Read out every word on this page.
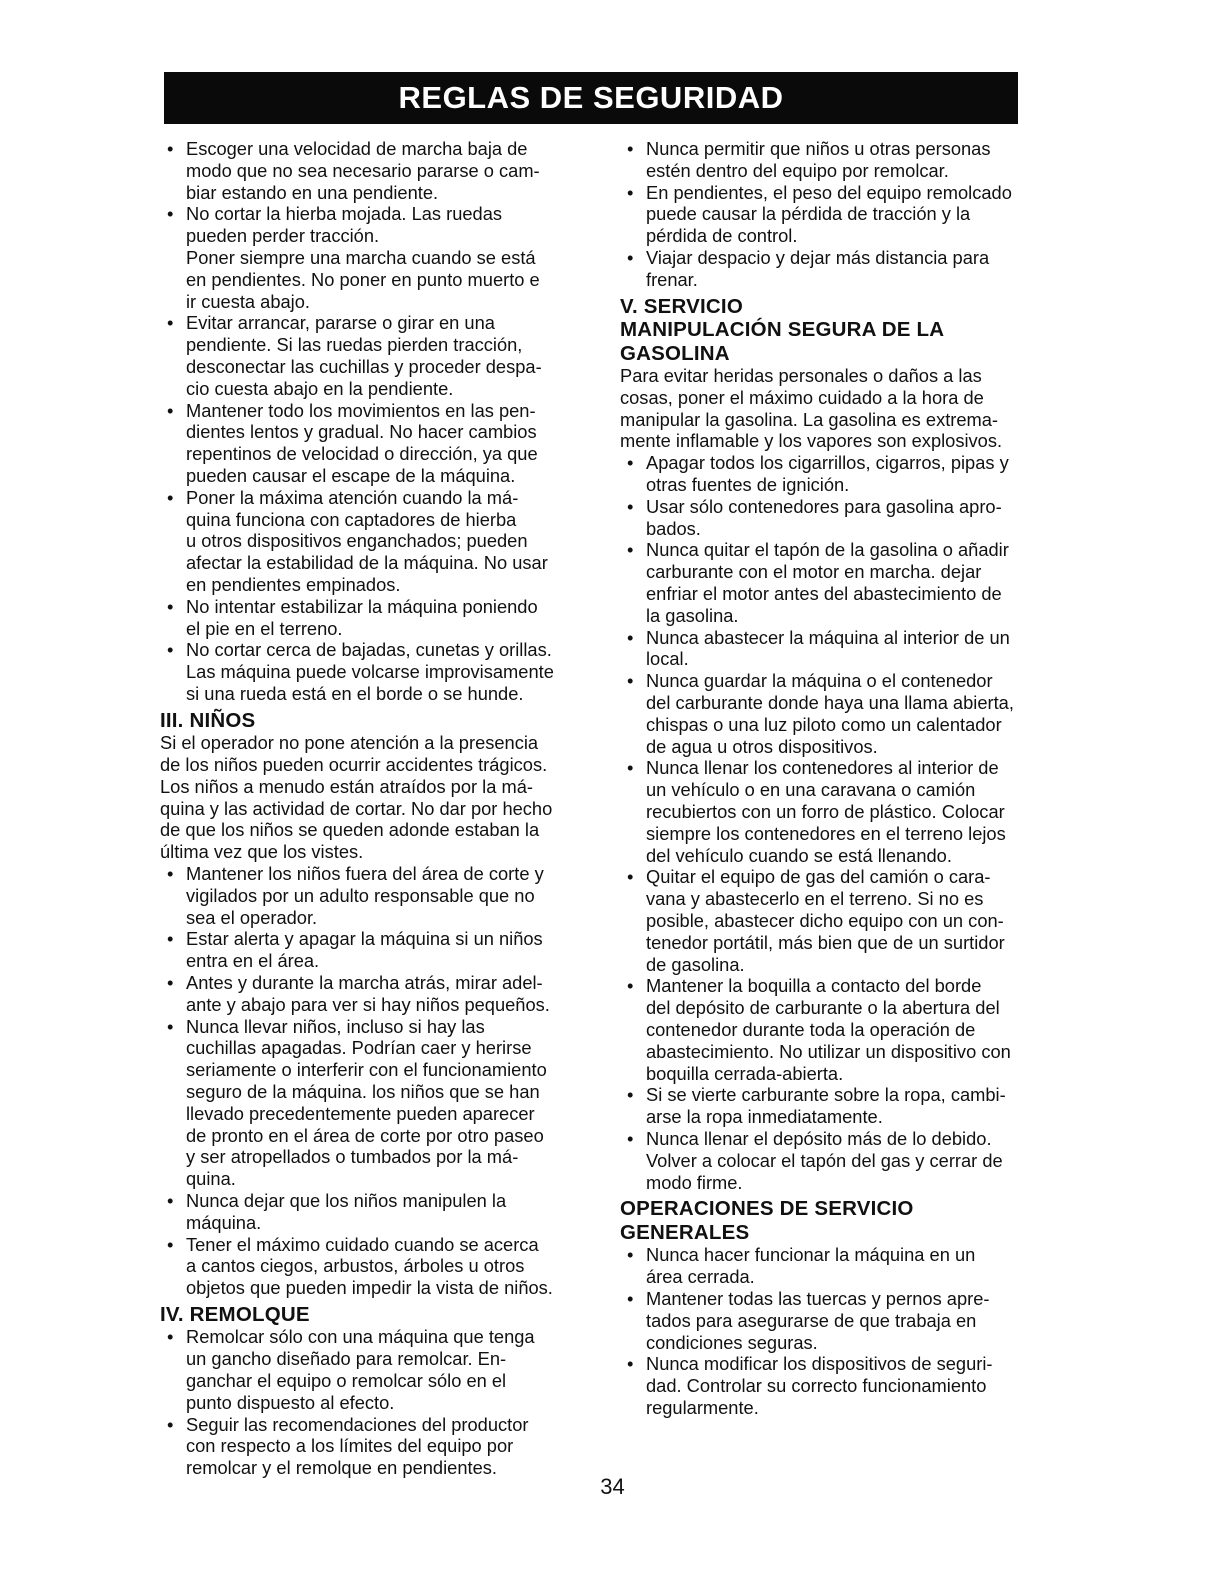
REGLAS DE SEGURIDAD
• Escoger una velocidad de marcha baja de
modo que no sea necesario pararse o cam-
biar estando en una pendiente.
• No cortar la hierba mojada. Las ruedas
pueden perder tracción.
Poner siempre una marcha cuando se está
en pendientes. No poner en punto muerto e
ir cuesta abajo.
• Evitar arrancar, pararse o girar en una
pendiente. Si las ruedas pierden tracción,
desconectar las cuchillas y proceder despa-
cio cuesta abajo en la pendiente.
• Mantener todo los movimientos en las pen-
dientes lentos y gradual. No hacer cambios
repentinos de velocidad o dirección, ya que
pueden causar el escape de la máquina.
• Poner la máxima atención cuando la má-
quina funciona con captadores de hierba
u otros dispositivos enganchados; pueden
afectar la estabilidad de la máquina. No usar
en pendientes empinados.
• No intentar estabilizar la máquina poniendo
el pie en el terreno.
• No cortar cerca de bajadas, cunetas y orillas.
Las máquina puede volcarse improvisamente
si una rueda está en el borde o se hunde.
III. NIÑOS
Si el operador no pone atención a la presencia
de los niños pueden ocurrir accidentes trágicos.
Los niños a menudo están atraídos por la má-
quina y las actividad de cortar. No dar por hecho
de que los niños se queden adonde estaban la
última vez que los vistes.
• Mantener los niños fuera del área de corte y
vigilados por un adulto responsable que no
sea el operador.
• Estar alerta y apagar la máquina si un niños
entra en el área.
• Antes y durante la marcha atrás, mirar adel-
ante y abajo para ver si hay niños pequeños.
• Nunca llevar niños, incluso si hay las
cuchillas apagadas. Podrían caer y herirse
seriamente o interferir con el funcionamiento
seguro de la máquina. los niños que se han
llevado precedentemente pueden aparecer
de pronto en el área de corte por otro paseo
y ser atropellados o tumbados por la má-
quina.
• Nunca dejar que los niños manipulen la
máquina.
• Tener el máximo cuidado cuando se acerca
a cantos ciegos, arbustos, árboles u otros
objetos que pueden impedir la vista de niños.
IV. REMOLQUE
• Remolcar sólo con una máquina que tenga
un gancho diseñado para remolcar. En-
ganchar el equipo o remolcar sólo en el
punto dispuesto al efecto.
• Seguir las recomendaciones del productor
con respecto a los límites del equipo por
remolcar y el remolque en pendientes.
• Nunca permitir que niños u otras personas
estén dentro del equipo por remolcar.
• En pendientes, el peso del equipo remolcado
puede causar la pérdida de tracción y la
pérdida de control.
• Viajar despacio y dejar más distancia para
frenar.
V. SERVICIO
MANIPULACIÓN SEGURA DE LA
GASOLINA
Para evitar heridas personales o daños a las
cosas, poner el máximo cuidado a la hora de
manipular la gasolina. La gasolina es extrema-
mente inflamable y los vapores son explosivos.
• Apagar todos los cigarrillos, cigarros, pipas y
otras fuentes de ignición.
• Usar sólo contenedores para gasolina apro-
bados.
• Nunca quitar el tapón de la gasolina o añadir
carburante con el motor en marcha. dejar
enfriar el motor antes del abastecimiento de
la gasolina.
• Nunca abastecer la máquina al interior de un
local.
• Nunca guardar la máquina o el contenedor
del carburante donde haya una llama abierta,
chispas o una luz piloto como un calentador
de agua u otros dispositivos.
• Nunca llenar los contenedores al interior de
un vehículo o en una caravana o camión
recubiertos con un forro de plástico. Colocar
siempre los contenedores en el terreno lejos
del vehículo cuando se está llenando.
• Quitar el equipo de gas del camión o cara-
vana y abastecerlo en el terreno. Si no es
posible, abastecer dicho equipo con un con-
tenedor portátil, más bien que de un surtidor
de gasolina.
• Mantener la boquilla a contacto del borde
del depósito de carburante o la abertura del
contenedor durante toda la operación de
abastecimiento. No utilizar un dispositivo con
boquilla cerrada-abierta.
• Si se vierte carburante sobre la ropa, cambi-
arse la ropa inmediatamente.
• Nunca llenar el depósito más de lo debido.
Volver a colocar el tapón del gas y cerrar de
modo firme.
OPERACIONES DE SERVICIO
GENERALES
• Nunca hacer funcionar la máquina en un
área cerrada.
• Mantener todas las tuercas y pernos apre-
tados para asegurarse de que trabaja en
condiciones seguras.
• Nunca modificar los dispositivos de seguri-
dad. Controlar su correcto funcionamiento
regularmente.
34
